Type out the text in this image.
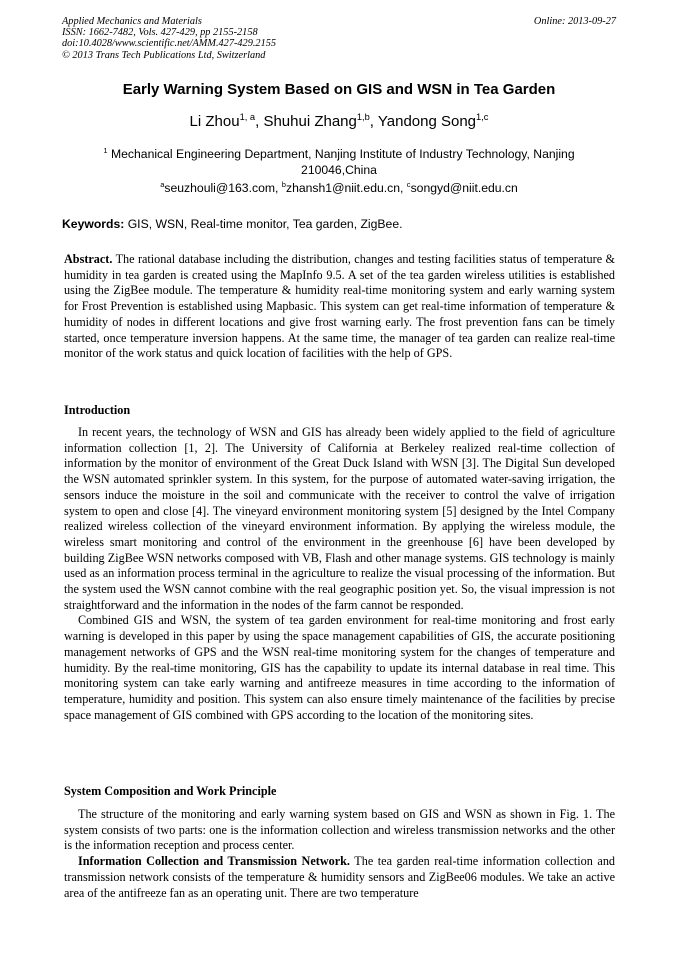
Applied Mechanics and Materials
ISSN: 1662-7482, Vols. 427-429, pp 2155-2158
doi:10.4028/www.scientific.net/AMM.427-429.2155
© 2013 Trans Tech Publications Ltd, Switzerland
Online: 2013-09-27
Early Warning System Based on GIS and WSN in Tea Garden
Li Zhou$^{1, a}$, Shuhui Zhang$^{1,b}$, Yandong Song$^{1,c}$
$^1$ Mechanical Engineering Department, Nanjing Institute of Industry Technology, Nanjing 210046,China
$^a$seuzhouli@163.com, $^b$zhansh1@niit.edu.cn, $^c$songyd@niit.edu.cn
Keywords: GIS, WSN, Real-time monitor, Tea garden, ZigBee.

Abstract. The rational database including the distribution, changes and testing facilities status of temperature & humidity in tea garden is created using the MapInfo 9.5. A set of the tea garden wireless utilities is established using the ZigBee module. The temperature & humidity real-time monitoring system and early warning system for Frost Prevention is established using Mapbasic. This system can get real-time information of temperature & humidity of nodes in different locations and give frost warning early. The frost prevention fans can be timely started, once temperature inversion happens. At the same time, the manager of tea garden can realize real-time monitor of the work status and quick location of facilities with the help of GPS.

Introduction

In recent years, the technology of WSN and GIS has already been widely applied to the field of agriculture information collection [1, 2]. The University of California at Berkeley realized real-time collection of information by the monitor of environment of the Great Duck Island with WSN [3]. The Digital Sun developed the WSN automated sprinkler system. In this system, for the purpose of automated water-saving irrigation, the sensors induce the moisture in the soil and communicate with the receiver to control the valve of irrigation system to open and close [4]. The vineyard environment monitoring system [5] designed by the Intel Company realized wireless collection of the vineyard environment information. By applying the wireless module, the wireless smart monitoring and control of the environment in the greenhouse [6] have been developed by building ZigBee WSN networks composed with VB, Flash and other manage systems. GIS technology is mainly used as an information process terminal in the agriculture to realize the visual processing of the information. But the system used the WSN cannot combine with the real geographic position yet. So, the visual impression is not straightforward and the information in the nodes of the farm cannot be responded.

Combined GIS and WSN, the system of tea garden environment for real-time monitoring and frost early warning is developed in this paper by using the space management capabilities of GIS, the accurate positioning management networks of GPS and the WSN real-time monitoring system for the changes of temperature and humidity. By the real-time monitoring, GIS has the capability to update its internal database in real time. This monitoring system can take early warning and antifreeze measures in time according to the information of temperature, humidity and position. This system can also ensure timely maintenance of the facilities by precise space management of GIS combined with GPS according to the location of the monitoring sites.

System Composition and Work Principle

The structure of the monitoring and early warning system based on GIS and WSN as shown in Fig. 1. The system consists of two parts: one is the information collection and wireless transmission networks and the other is the information reception and process center.

Information Collection and Transmission Network. The tea garden real-time information collection and transmission network consists of the temperature & humidity sensors and ZigBee06 modules. We take an active area of the antifreeze fan as an operating unit. There are two temperature
